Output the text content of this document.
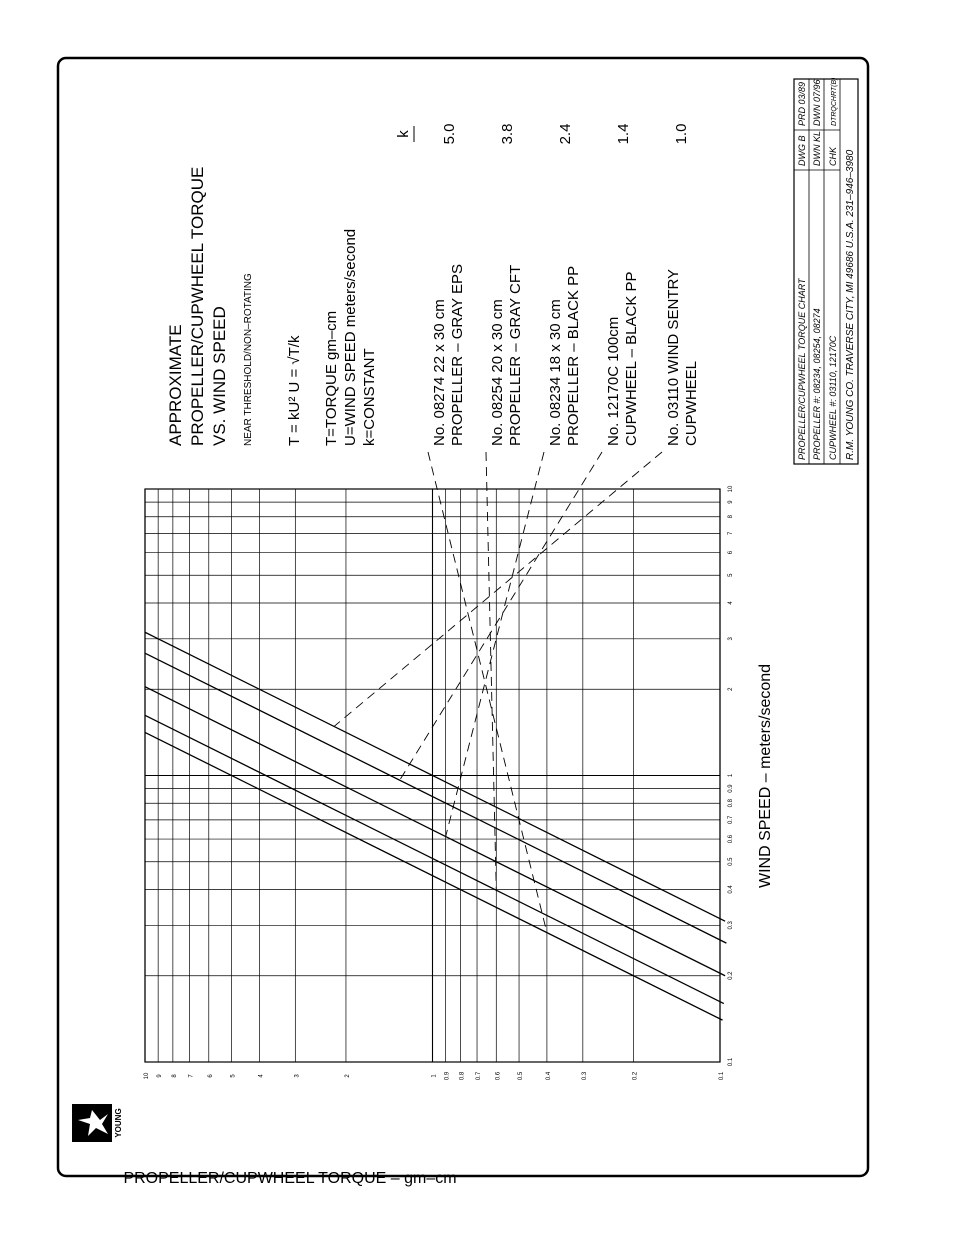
YOUNG
0.1
0.2
0.3
0.4
0.5
0.6
0.7
0.8
0.9
1
2
3
4
5
6
7
8
9
10
0.1
0.2
0.3
0.4
0.5
0.6
0.7
0.8
0.9
1
2
3
4
5
6
7
8
9
10
PROPELLER/CUPWHEEL TORQUE – gm–cm
WIND SPEED – meters/second
APPROXIMATE PROPELLER/CUPWHEEL TORQUE VS. WIND SPEED NEAR THRESHOLD/NON–ROTATING T = kU² U = √T/k T=TORQUE gm–cm U=WIND SPEED meters/second k=CONSTANT
k
No. 08274 22 x 30 cm PROPELLER – GRAY EPS
5.0
No. 08254 20 x 30 cm PROPELLER – GRAY CFT
3.8
No. 08234 18 x 30 cm PROPELLER – BLACK PP
2.4
No. 12170C 100cm CUPWHEEL – BLACK PP
1.4
No. 03110 WIND SENTRY CUPWHEEL
1.0
PROPELLER/CUPWHEEL TORQUE CHART
DWG B
PRD 03/89
PROPELLER #: 08234, 08254, 08274
DWN KL
DWN 07/96
CUPWHEEL #: 03110, 12170C
CHK
DTRQCHRT(B)
R.M. YOUNG CO. TRAVERSE CITY, MI 49686 U.S.A. 231–946–3980
